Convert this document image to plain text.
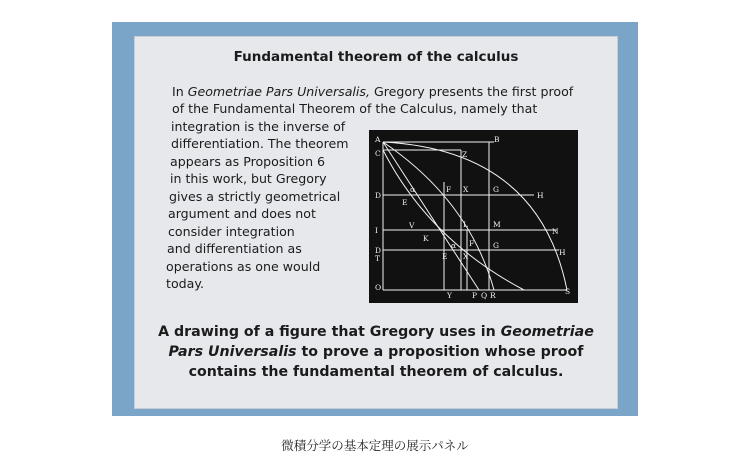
Fundamental theorem of the calculus
In Geometriae Pars Universalis, Gregory presents the first proof
of the Fundamental Theorem of the Calculus, namely that
integration is the inverse of
differentiation. The theorem
appears as Proposition 6
in this work, but Gregory
gives a strictly geometrical
argument and does not
consider integration
and differentiation as
operations as one would
today.
A	B
C	Z
D
α	F X	G
H
E
L	M
N
I
V
K
D
T
α F	G
E X	H
O
Y	P Q R	S
A drawing of a figure that Gregory uses in Geometriae
Pars Universalis to prove a proposition whose proof
contains the fundamental theorem of calculus.
微積分学の基本定理の展示パネル
